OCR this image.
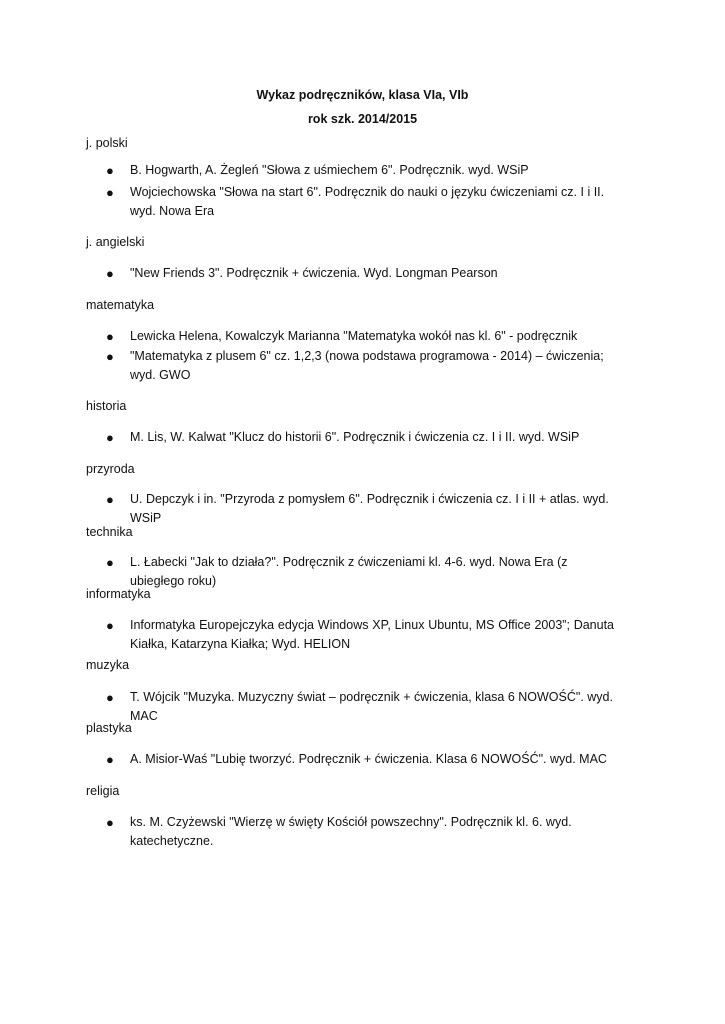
Wykaz podręczników, klasa VIa, VIb
rok szk. 2014/2015
j. polski
●	B. Hogwarth, A. Żegleń "Słowa z uśmiechem 6". Podręcznik. wyd. WSiP
●	Wojciechowska "Słowa na start 6". Podręcznik do nauki o języku ćwiczeniami cz. I i II. wyd. Nowa Era
j. angielski
●	"New Friends 3". Podręcznik + ćwiczenia. Wyd. Longman Pearson
matematyka
●	Lewicka Helena, Kowalczyk Marianna "Matematyka wokół nas kl. 6" - podręcznik
●	"Matematyka z plusem 6" cz. 1,2,3 (nowa podstawa programowa - 2014) – ćwiczenia; wyd. GWO
historia
●	M. Lis, W. Kalwat "Klucz do historii 6". Podręcznik i ćwiczenia cz. I i II. wyd. WSiP
przyroda
●	U. Depczyk i in. "Przyroda z pomysłem 6". Podręcznik i ćwiczenia cz. I i II + atlas. wyd. WSiP
technika
●	L. Łabecki "Jak to działa?". Podręcznik z ćwiczeniami kl. 4-6. wyd. Nowa Era (z ubiegłego roku)
informatyka
●	Informatyka Europejczyka edycja Windows XP, Linux Ubuntu, MS Office 2003”; Danuta Kiałka, Katarzyna Kiałka; Wyd. HELION
muzyka
●	T. Wójcik "Muzyka. Muzyczny świat – podręcznik + ćwiczenia, klasa 6 NOWOŚĆ". wyd. MAC
plastyka
●	A. Misior-Waś "Lubię tworzyć. Podręcznik + ćwiczenia. Klasa 6 NOWOŚĆ". wyd. MAC
religia
●	ks. M. Czyżewski "Wierzę w święty Kościół powszechny". Podręcznik kl. 6. wyd. katechetyczne.
